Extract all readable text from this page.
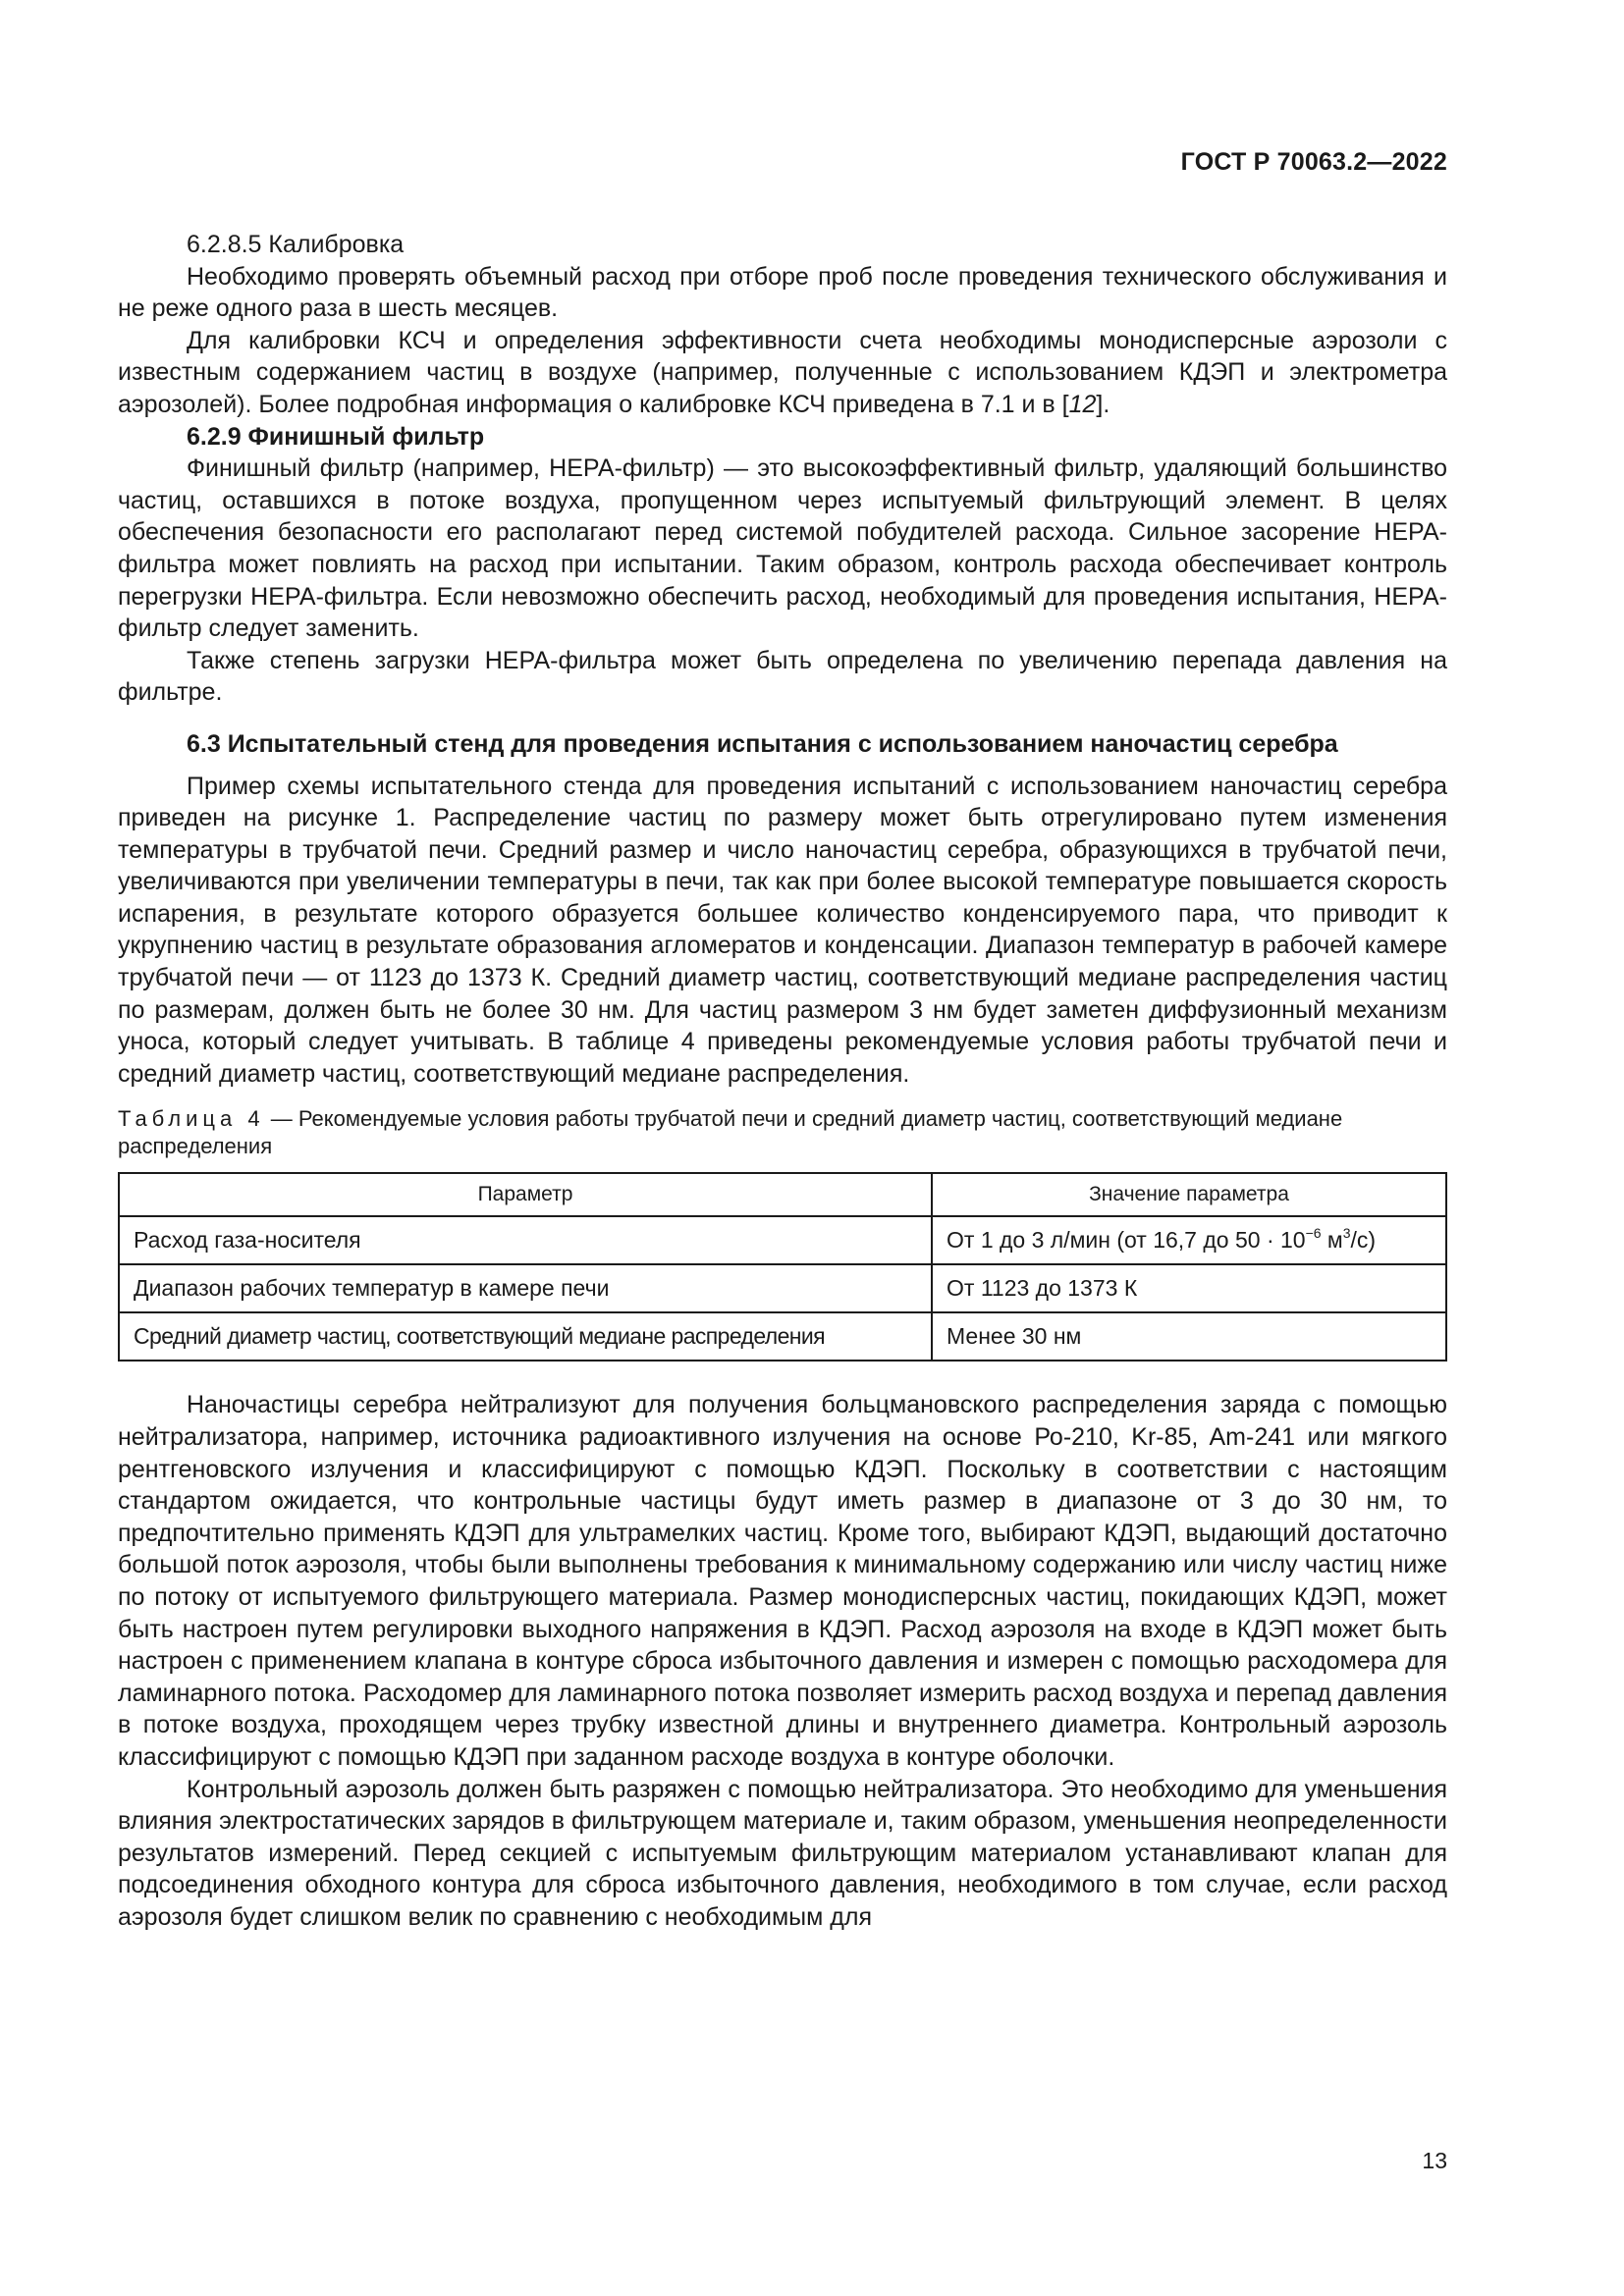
ГОСТ Р 70063.2—2022

6.2.8.5 Калибровка

Необходимо проверять объемный расход при отборе проб после проведения технического обслуживания и не реже одного раза в шесть месяцев.

Для калибровки КСЧ и определения эффективности счета необходимы монодисперсные аэрозоли с известным содержанием частиц в воздухе (например, полученные с использованием КДЭП и электрометра аэрозолей). Более подробная информация о калибровке КСЧ приведена в 7.1 и в [12].

6.2.9 Финишный фильтр

Финишный фильтр (например, НЕРА-фильтр) — это высокоэффективный фильтр, удаляющий большинство частиц, оставшихся в потоке воздуха, пропущенном через испытуемый фильтрующий элемент. В целях обеспечения безопасности его располагают перед системой побудителей расхода. Сильное засорение НЕРА-фильтра может повлиять на расход при испытании. Таким образом, контроль расхода обеспечивает контроль перегрузки НЕРА-фильтра. Если невозможно обеспечить расход, необходимый для проведения испытания, НЕРА-фильтр следует заменить.

Также степень загрузки НЕРА-фильтра может быть определена по увеличению перепада давления на фильтре.

6.3 Испытательный стенд для проведения испытания с использованием наночастиц серебра

Пример схемы испытательного стенда для проведения испытаний с использованием наночастиц серебра приведен на рисунке 1. Распределение частиц по размеру может быть отрегулировано путем изменения температуры в трубчатой печи. Средний размер и число наночастиц серебра, образующихся в трубчатой печи, увеличиваются при увеличении температуры в печи, так как при более высокой температуре повышается скорость испарения, в результате которого образуется большее количество конденсируемого пара, что приводит к укрупнению частиц в результате образования агломератов и конденсации. Диапазон температур в рабочей камере трубчатой печи — от 1123 до 1373 К. Средний диаметр частиц, соответствующий медиане распределения частиц по размерам, должен быть не более 30 нм. Для частиц размером 3 нм будет заметен диффузионный механизм уноса, который следует учитывать. В таблице 4 приведены рекомендуемые условия работы трубчатой печи и средний диаметр частиц, соответствующий медиане распределения.

Таблица 4 — Рекомендуемые условия работы трубчатой печи и средний диаметр частиц, соответствующий медиане распределения
Параметр	Значение параметра
Расход газа-носителя	От 1 до 3 л/мин (от 16,7 до $50 \cdot 10^{-6}$ $м^3/с$)
Диапазон рабочих температур в камере печи	От 1123 до 1373 К
Средний диаметр частиц, соответствующий медиане распределения	Менее 30 нм

Наночастицы серебра нейтрализуют для получения больцмановского распределения заряда с помощью нейтрализатора, например, источника радиоактивного излучения на основе Ро-210, Kr-85, Am-241 или мягкого рентгеновского излучения и классифицируют с помощью КДЭП. Поскольку в соответствии с настоящим стандартом ожидается, что контрольные частицы будут иметь размер в диапазоне от 3 до 30 нм, то предпочтительно применять КДЭП для ультрамелких частиц. Кроме того, выбирают КДЭП, выдающий достаточно большой поток аэрозоля, чтобы были выполнены требования к минимальному содержанию или числу частиц ниже по потоку от испытуемого фильтрующего материала. Размер монодисперсных частиц, покидающих КДЭП, может быть настроен путем регулировки выходного напряжения в КДЭП. Расход аэрозоля на входе в КДЭП может быть настроен с применением клапана в контуре сброса избыточного давления и измерен с помощью расходомера для ламинарного потока. Расходомер для ламинарного потока позволяет измерить расход воздуха и перепад давления в потоке воздуха, проходящем через трубку известной длины и внутреннего диаметра. Контрольный аэрозоль классифицируют с помощью КДЭП при заданном расходе воздуха в контуре оболочки.

Контрольный аэрозоль должен быть разряжен с помощью нейтрализатора. Это необходимо для уменьшения влияния электростатических зарядов в фильтрующем материале и, таким образом, уменьшения неопределенности результатов измерений. Перед секцией с испытуемым фильтрующим материалом устанавливают клапан для подсоединения обходного контура для сброса избыточного давления, необходимого в том случае, если расход аэрозоля будет слишком велик по сравнению с необходимым для

13
